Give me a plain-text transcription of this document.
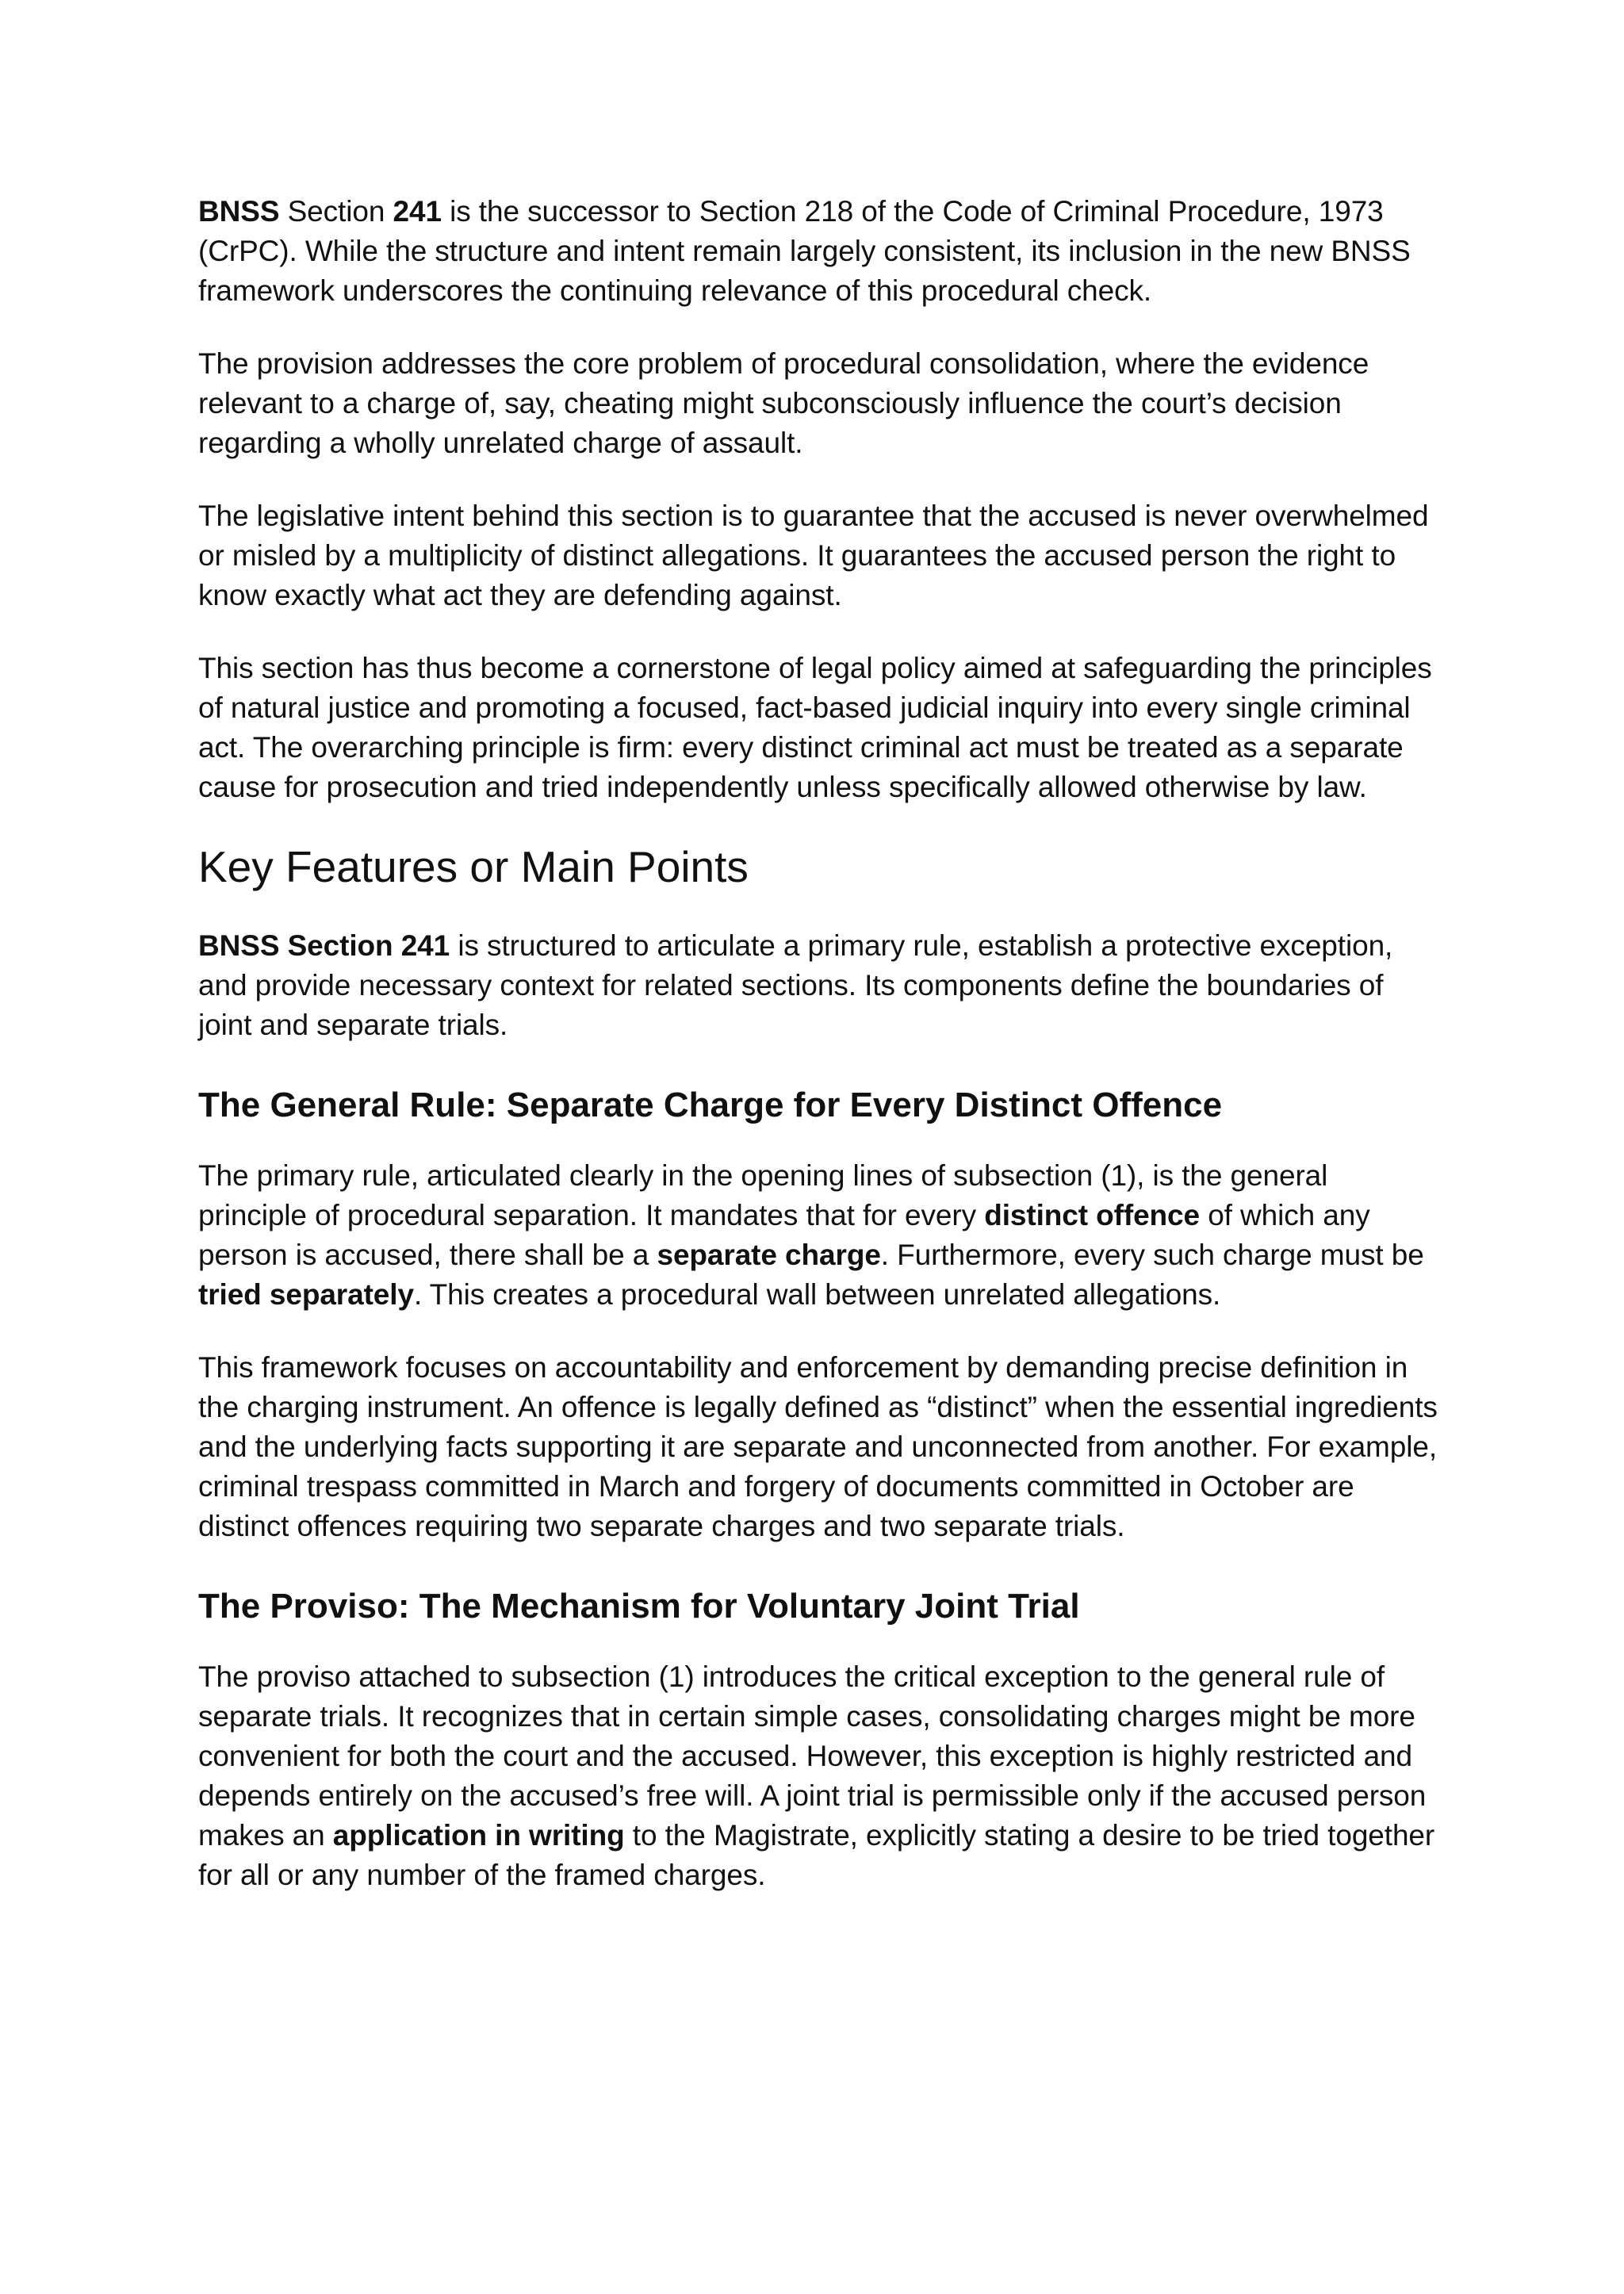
BNSS Section 241 is the successor to Section 218 of the Code of Criminal Procedure, 1973 (CrPC). While the structure and intent remain largely consistent, its inclusion in the new BNSS framework underscores the continuing relevance of this procedural check.

The provision addresses the core problem of procedural consolidation, where the evidence relevant to a charge of, say, cheating might subconsciously influence the court’s decision regarding a wholly unrelated charge of assault.

The legislative intent behind this section is to guarantee that the accused is never overwhelmed or misled by a multiplicity of distinct allegations. It guarantees the accused person the right to know exactly what act they are defending against.

This section has thus become a cornerstone of legal policy aimed at safeguarding the principles of natural justice and promoting a focused, fact-based judicial inquiry into every single criminal act. The overarching principle is firm: every distinct criminal act must be treated as a separate cause for prosecution and tried independently unless specifically allowed otherwise by law.

Key Features or Main Points

BNSS Section 241 is structured to articulate a primary rule, establish a protective exception, and provide necessary context for related sections. Its components define the boundaries of joint and separate trials.

The General Rule: Separate Charge for Every Distinct Offence

The primary rule, articulated clearly in the opening lines of subsection (1), is the general principle of procedural separation. It mandates that for every distinct offence of which any person is accused, there shall be a separate charge. Furthermore, every such charge must be tried separately. This creates a procedural wall between unrelated allegations.

This framework focuses on accountability and enforcement by demanding precise definition in the charging instrument. An offence is legally defined as “distinct” when the essential ingredients and the underlying facts supporting it are separate and unconnected from another. For example, criminal trespass committed in March and forgery of documents committed in October are distinct offences requiring two separate charges and two separate trials.

The Proviso: The Mechanism for Voluntary Joint Trial

The proviso attached to subsection (1) introduces the critical exception to the general rule of separate trials. It recognizes that in certain simple cases, consolidating charges might be more convenient for both the court and the accused. However, this exception is highly restricted and depends entirely on the accused’s free will. A joint trial is permissible only if the accused person makes an application in writing to the Magistrate, explicitly stating a desire to be tried together for all or any number of the framed charges.
